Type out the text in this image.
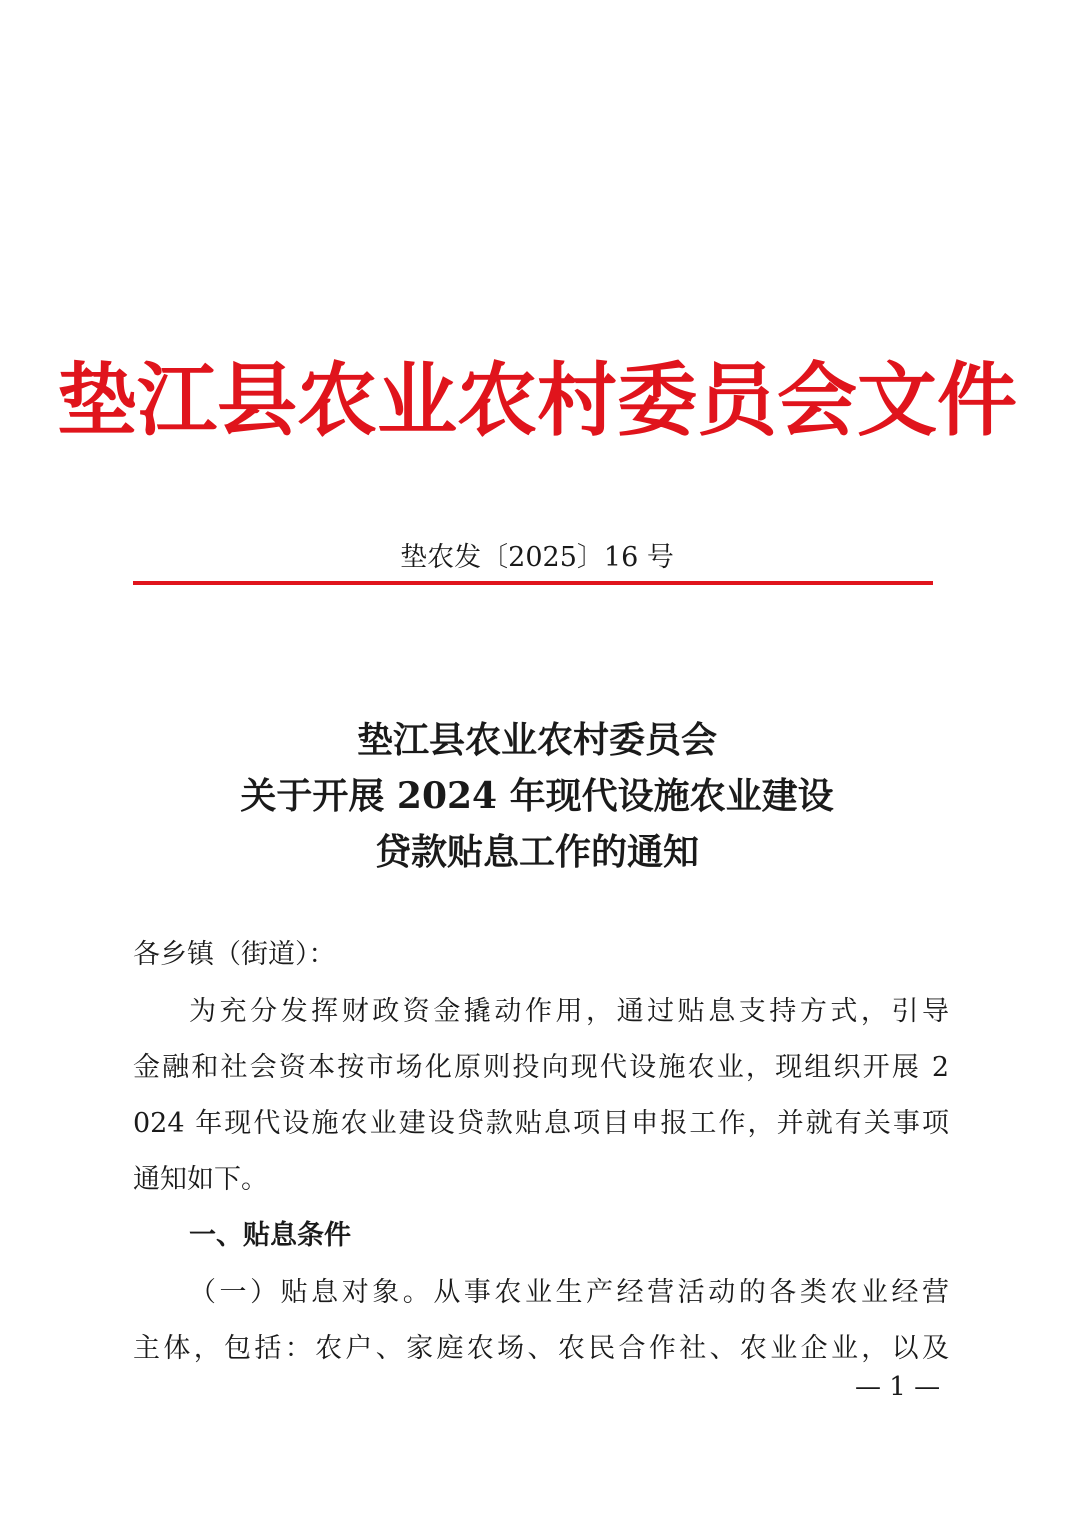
垫江县农业农村委员会文件
垫农发〔2025〕16 号
垫江县农业农村委员会
关于开展 2024 年现代设施农业建设
贷款贴息工作的通知
各乡镇（街道）：
为充分发挥财政资金撬动作用，通过贴息支持方式，引导
金融和社会资本按市场化原则投向现代设施农业，现组织开展 2
024 年现代设施农业建设贷款贴息项目申报工作，并就有关事项
通知如下。
一、贴息条件
（一）贴息对象。从事农业生产经营活动的各类农业经营
主体，包括：农户、家庭农场、农民合作社、农业企业，以及
— 1 —
